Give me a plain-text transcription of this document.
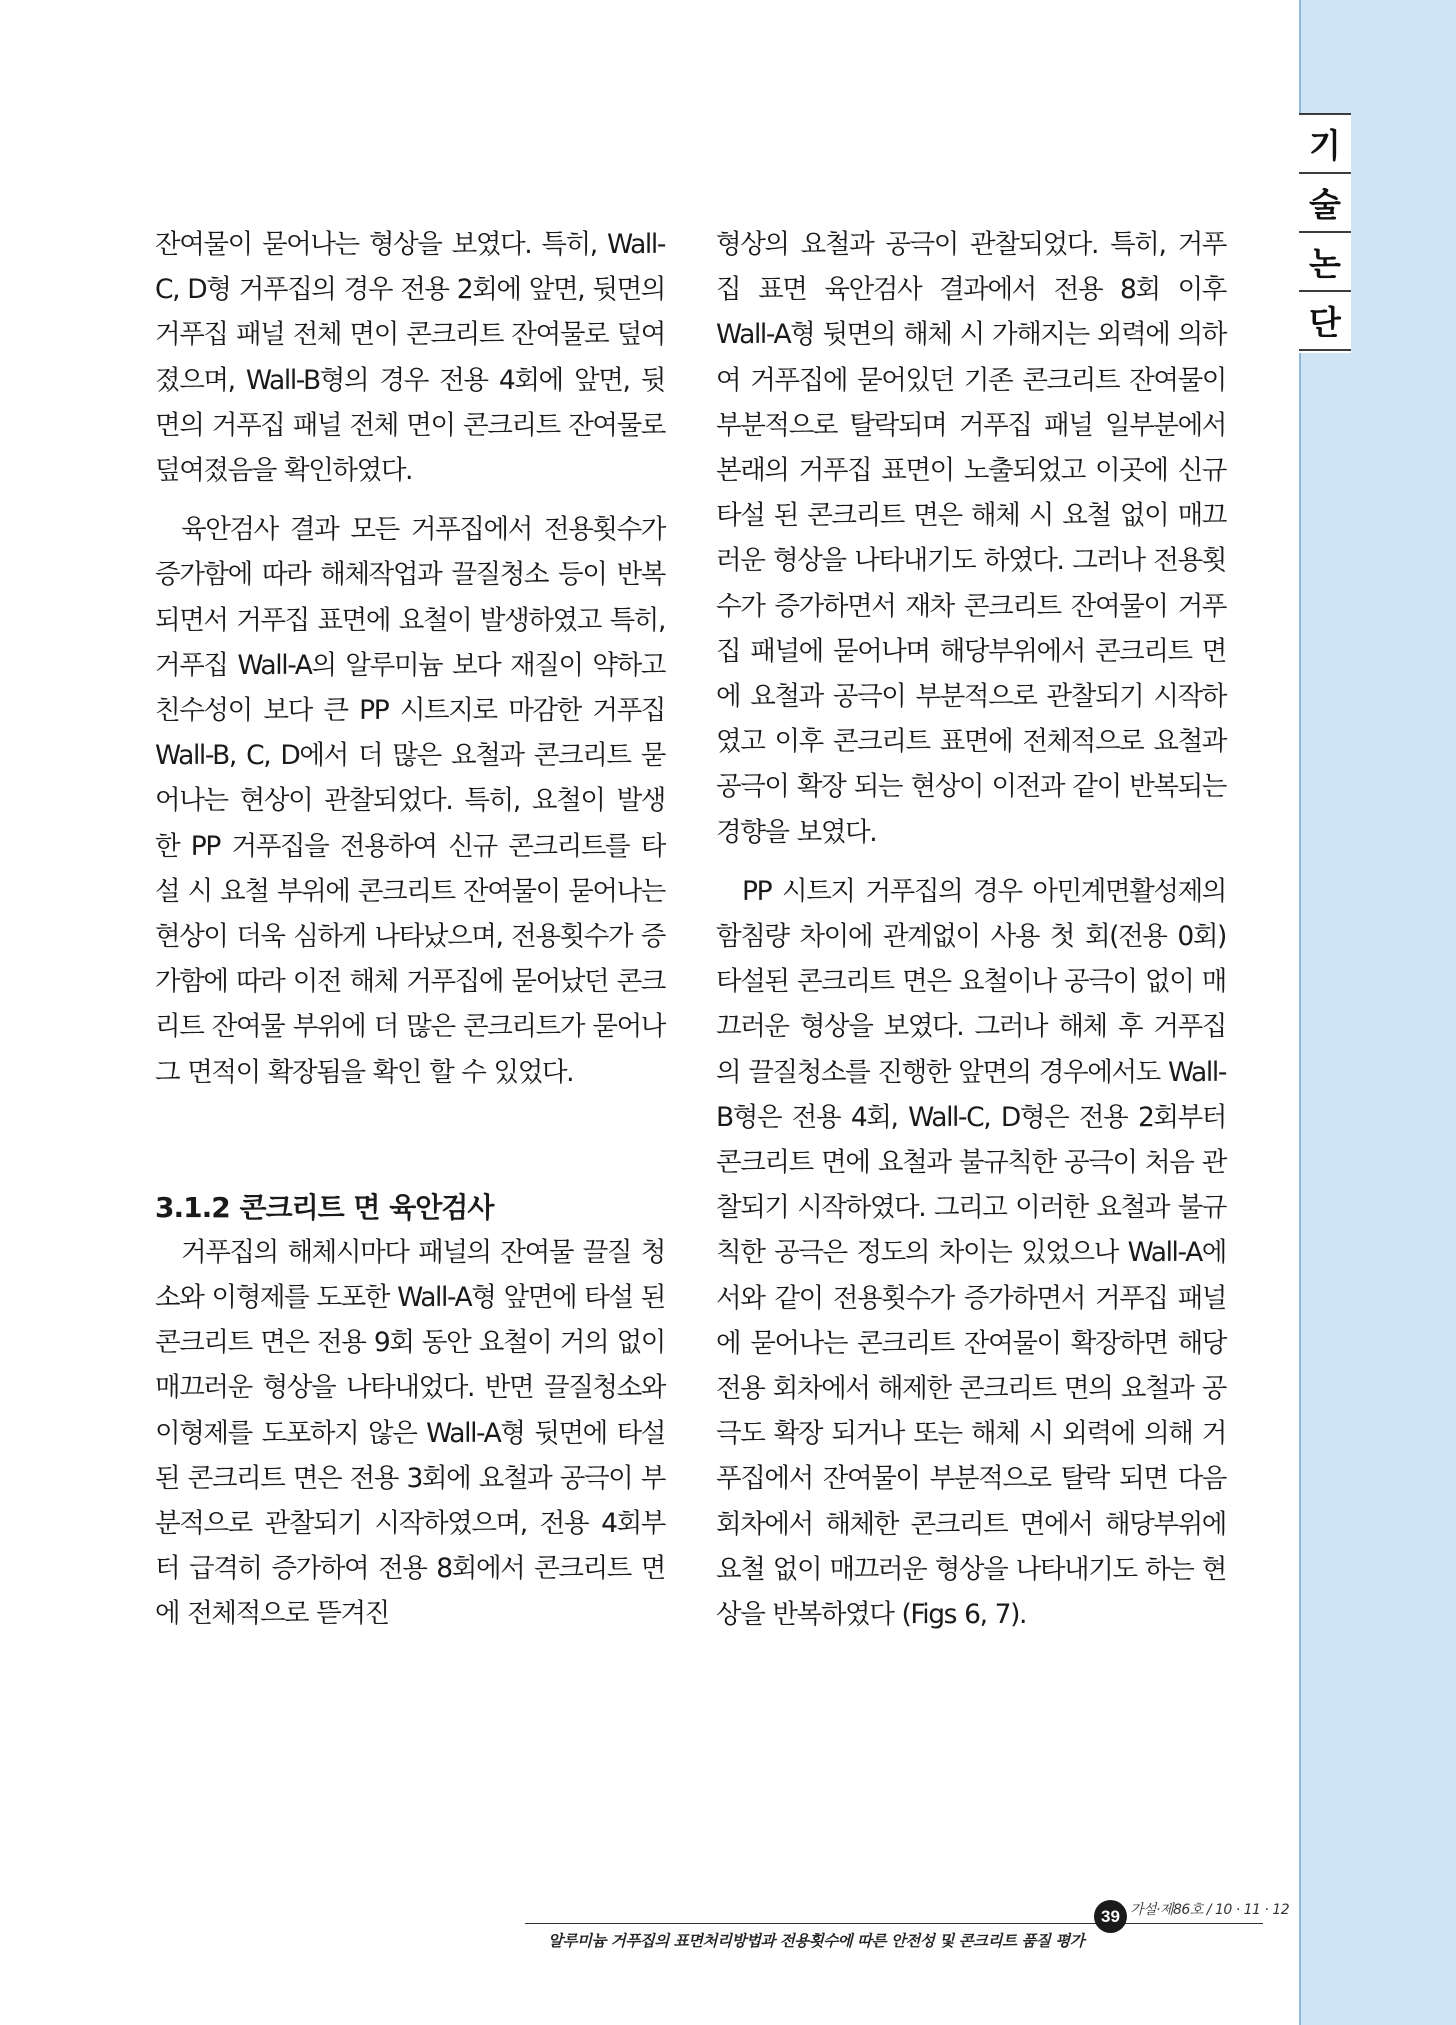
기
술
논
단

잔여물이 묻어나는 형상을 보였다. 특히, Wall-C, D형 거푸집의 경우 전용 2회에 앞면, 뒷면의 거푸집 패널 전체 면이 콘크리트 잔여물로 덮여졌으며, Wall-B형의 경우 전용 4회에 앞면, 뒷면의 거푸집 패널 전체 면이 콘크리트 잔여물로 덮여졌음을 확인하였다.

육안검사 결과 모든 거푸집에서 전용횟수가 증가함에 따라 해체작업과 끌질청소 등이 반복되면서 거푸집 표면에 요철이 발생하였고 특히, 거푸집 Wall-A의 알루미늄 보다 재질이 약하고 친수성이 보다 큰 PP 시트지로 마감한 거푸집 Wall-B, C, D에서 더 많은 요철과 콘크리트 묻어나는 현상이 관찰되었다. 특히, 요철이 발생한 PP 거푸집을 전용하여 신규 콘크리트를 타설 시 요철 부위에 콘크리트 잔여물이 묻어나는 현상이 더욱 심하게 나타났으며, 전용횟수가 증가함에 따라 이전 해체 거푸집에 묻어났던 콘크리트 잔여물 부위에 더 많은 콘크리트가 묻어나 그 면적이 확장됨을 확인 할 수 있었다.

3.1.2 콘크리트 면 육안검사

거푸집의 해체시마다 패널의 잔여물 끌질 청소와 이형제를 도포한 Wall-A형 앞면에 타설 된 콘크리트 면은 전용 9회 동안 요철이 거의 없이 매끄러운 형상을 나타내었다. 반면 끌질청소와 이형제를 도포하지 않은 Wall-A형 뒷면에 타설 된 콘크리트 면은 전용 3회에 요철과 공극이 부분적으로 관찰되기 시작하였으며, 전용 4회부터 급격히 증가하여 전용 8회에서 콘크리트 면에 전체적으로 뜯겨진

형상의 요철과 공극이 관찰되었다. 특히, 거푸집 표면 육안검사 결과에서 전용 8회 이후 Wall-A형 뒷면의 해체 시 가해지는 외력에 의하여 거푸집에 묻어있던 기존 콘크리트 잔여물이 부분적으로 탈락되며 거푸집 패널 일부분에서 본래의 거푸집 표면이 노출되었고 이곳에 신규 타설 된 콘크리트 면은 해체 시 요철 없이 매끄러운 형상을 나타내기도 하였다. 그러나 전용횟수가 증가하면서 재차 콘크리트 잔여물이 거푸집 패널에 묻어나며 해당부위에서 콘크리트 면에 요철과 공극이 부분적으로 관찰되기 시작하였고 이후 콘크리트 표면에 전체적으로 요철과 공극이 확장 되는 현상이 이전과 같이 반복되는 경향을 보였다.

PP 시트지 거푸집의 경우 아민계면활성제의 함침량 차이에 관계없이 사용 첫 회(전용 0회) 타설된 콘크리트 면은 요철이나 공극이 없이 매끄러운 형상을 보였다. 그러나 해체 후 거푸집의 끌질청소를 진행한 앞면의 경우에서도 Wall-B형은 전용 4회, Wall-C, D형은 전용 2회부터 콘크리트 면에 요철과 불규칙한 공극이 처음 관찰되기 시작하였다. 그리고 이러한 요철과 불규칙한 공극은 정도의 차이는 있었으나 Wall-A에서와 같이 전용횟수가 증가하면서 거푸집 패널에 묻어나는 콘크리트 잔여물이 확장하면 해당 전용 회차에서 해제한 콘크리트 면의 요철과 공극도 확장 되거나 또는 해체 시 외력에 의해 거푸집에서 잔여물이 부분적으로 탈락 되면 다음 회차에서 해체한 콘크리트 면에서 해당부위에 요철 없이 매끄러운 형상을 나타내기도 하는 현상을 반복하였다 (Figs 6, 7).

39 가설·제86호 / 10 · 11 · 12
알루미늄 거푸집의 표면처리방법과 전용횟수에 따른 안전성 및 콘크리트 품질 평가
